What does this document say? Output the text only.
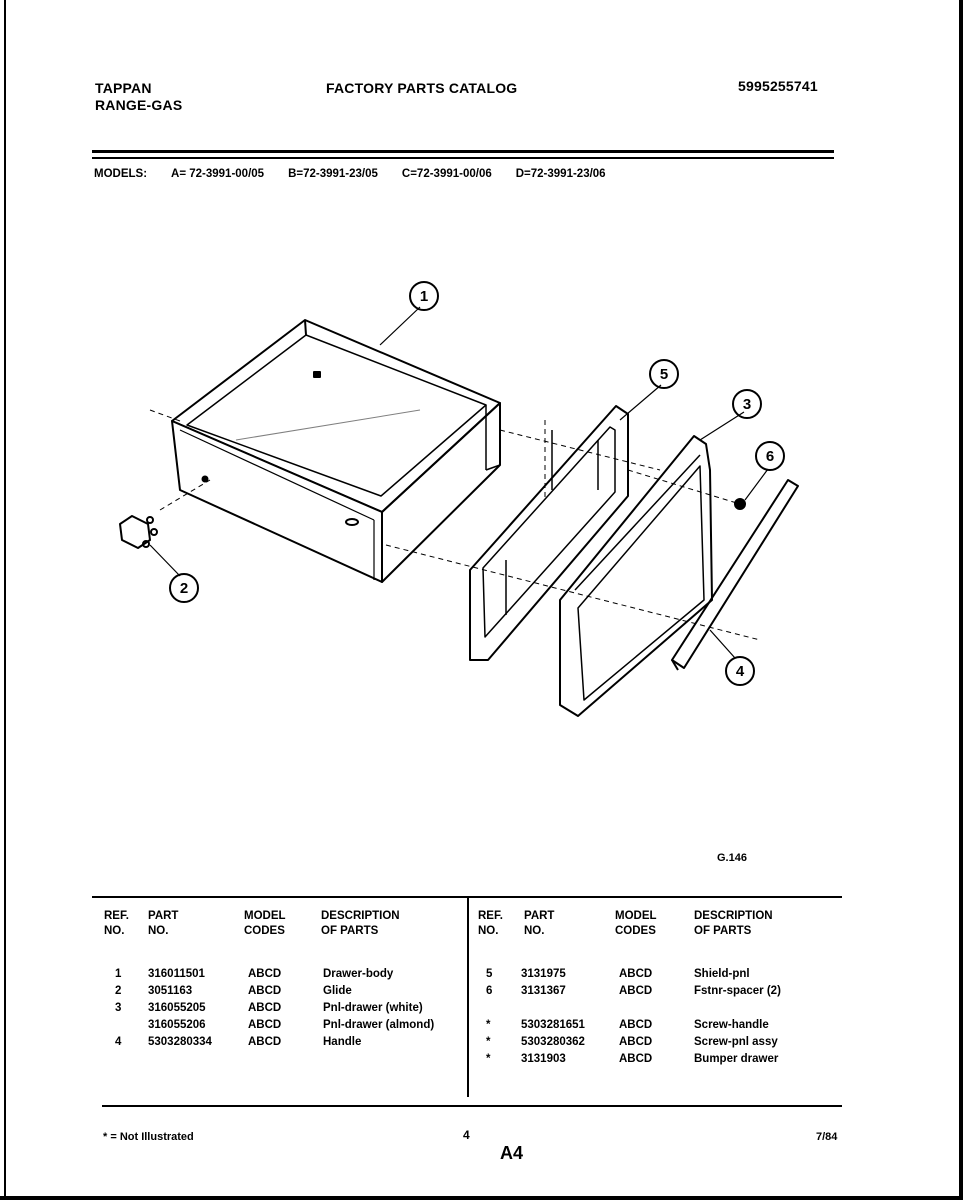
TAPPAN
RANGE-GAS
FACTORY PARTS CATALOG	5995255741
MODELS: A= 72-3991-00/05 B=72-3991-23/05 C=72-3991-00/06 D=72-3991-23/06
1
2
3
4
5
6
G.146
REF.
NO.
PART
NO.
MODEL
CODES
DESCRIPTION
OF PARTS
REF.
NO.
PART
NO.
MODEL
CODES
DESCRIPTION
OF PARTS
1
2
3
4
316011501
3051163
316055205
316055206
5303280334
ABCD
ABCD
ABCD
ABCD
ABCD
Drawer-body
Glide
Pnl-drawer (white)
Pnl-drawer (almond)
Handle
5
6
*
*
*
3131975
3131367
5303281651
5303280362
3131903
ABCD
ABCD
ABCD
ABCD
ABCD
Shield-pnl
Fstnr-spacer (2)
Screw-handle
Screw-pnl assy
Bumper drawer
* = Not Illustrated	4
A4
7/84
